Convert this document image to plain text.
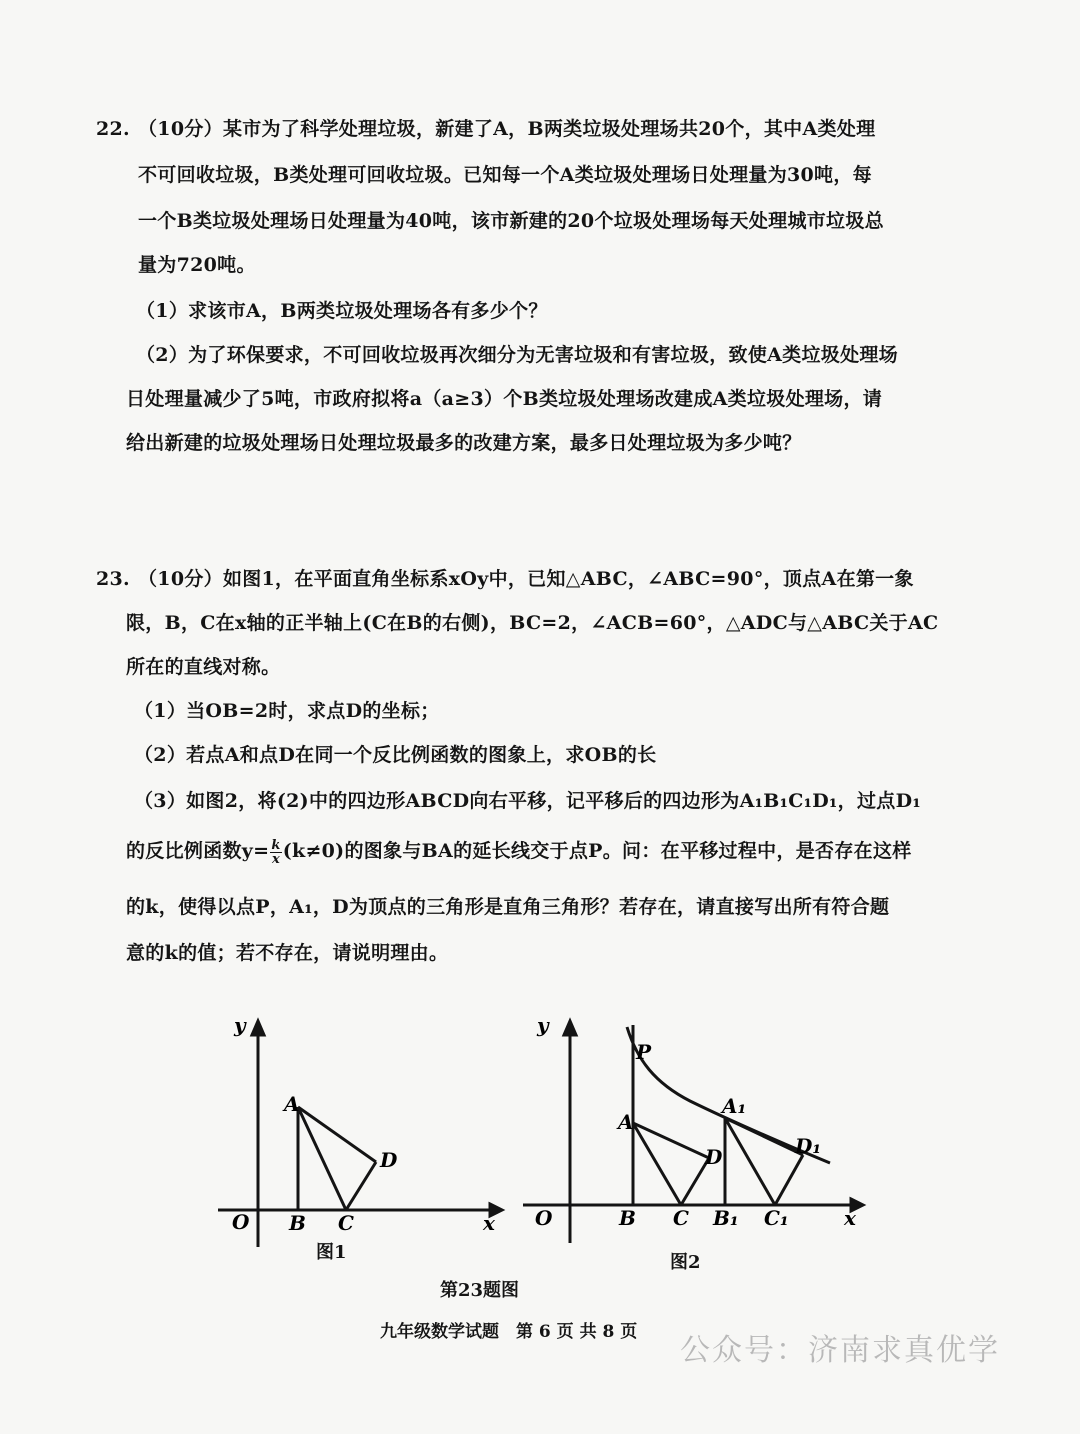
22. （10分）某市为了科学处理垃圾，新建了A，B两类垃圾处理场共20个，其中A类处理
不可回收垃圾，B类处理可回收垃圾。已知每一个A类垃圾处理场日处理量为30吨，每
一个B类垃圾处理场日处理量为40吨，该市新建的20个垃圾处理场每天处理城市垃圾总
量为720吨。
（1）求该市A，B两类垃圾处理场各有多少个？
（2）为了环保要求，不可回收垃圾再次细分为无害垃圾和有害垃圾，致使A类垃圾处理场
日处理量减少了5吨，市政府拟将a（a≥3）个B类垃圾处理场改建成A类垃圾处理场，请
给出新建的垃圾处理场日处理垃圾最多的改建方案，最多日处理垃圾为多少吨？
23. （10分）如图1，在平面直角坐标系xOy中，已知△ABC，∠ABC=90°，顶点A在第一象
限，B，C在x轴的正半轴上(C在B的右侧)，BC=2，∠ACB=60°，△ADC与△ABC关于AC
所在的直线对称。
（1）当OB=2时，求点D的坐标；
（2）若点A和点D在同一个反比例函数的图象上，求OB的长
（3）如图2，将(2)中的四边形ABCD向右平移，记平移后的四边形为A₁B₁C₁D₁，过点D₁
的反比例函数$y= \frac{k}{x} (k\ne 0)$的图象与BA的延长线交于点P。问：在平移过程中，是否存在这样
的k，使得以点P，A₁，D为顶点的三角形是直角三角形？若存在，请直接写出所有符合题
意的k的值；若不存在，请说明理由。
y
x
O
A
B C
D
图1
y
x
O
P
A
B C
D
A₁
B₁ C₁
D₁
图2
第23题图
九年级数学试题　第 6 页 共 8 页
公众号：济南求真优学
